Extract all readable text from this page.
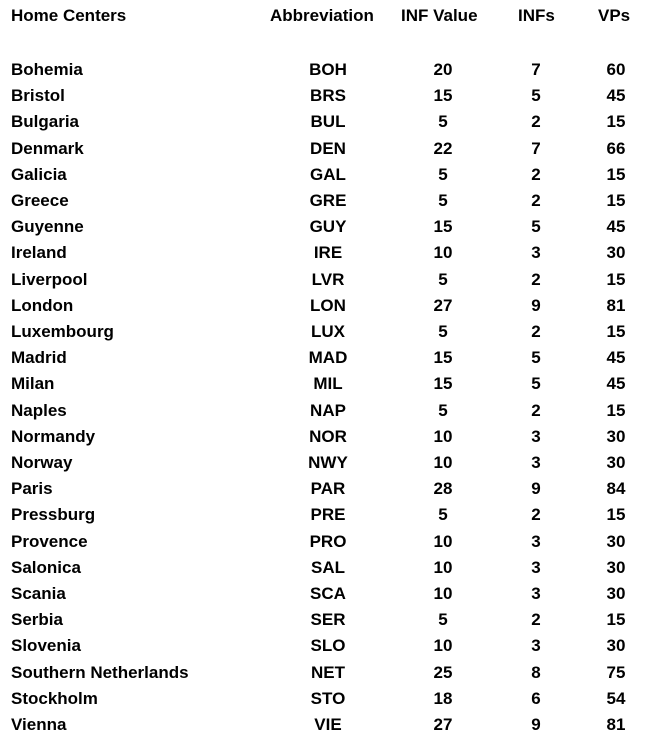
Home Centers	Abbreviation	INF Value	INFs	VPs
Bohemia	BOH	20	7	60
Bristol	BRS	15	5	45
Bulgaria	BUL	5	2	15
Denmark	DEN	22	7	66
Galicia	GAL	5	2	15
Greece	GRE	5	2	15
Guyenne	GUY	15	5	45
Ireland	IRE	10	3	30
Liverpool	LVR	5	2	15
London	LON	27	9	81
Luxembourg	LUX	5	2	15
Madrid	MAD	15	5	45
Milan	MIL	15	5	45
Naples	NAP	5	2	15
Normandy	NOR	10	3	30
Norway	NWY	10	3	30
Paris	PAR	28	9	84
Pressburg	PRE	5	2	15
Provence	PRO	10	3	30
Salonica	SAL	10	3	30
Scania	SCA	10	3	30
Serbia	SER	5	2	15
Slovenia	SLO	10	3	30
Southern Netherlands	NET	25	8	75
Stockholm	STO	18	6	54
Vienna	VIE	27	9	81
